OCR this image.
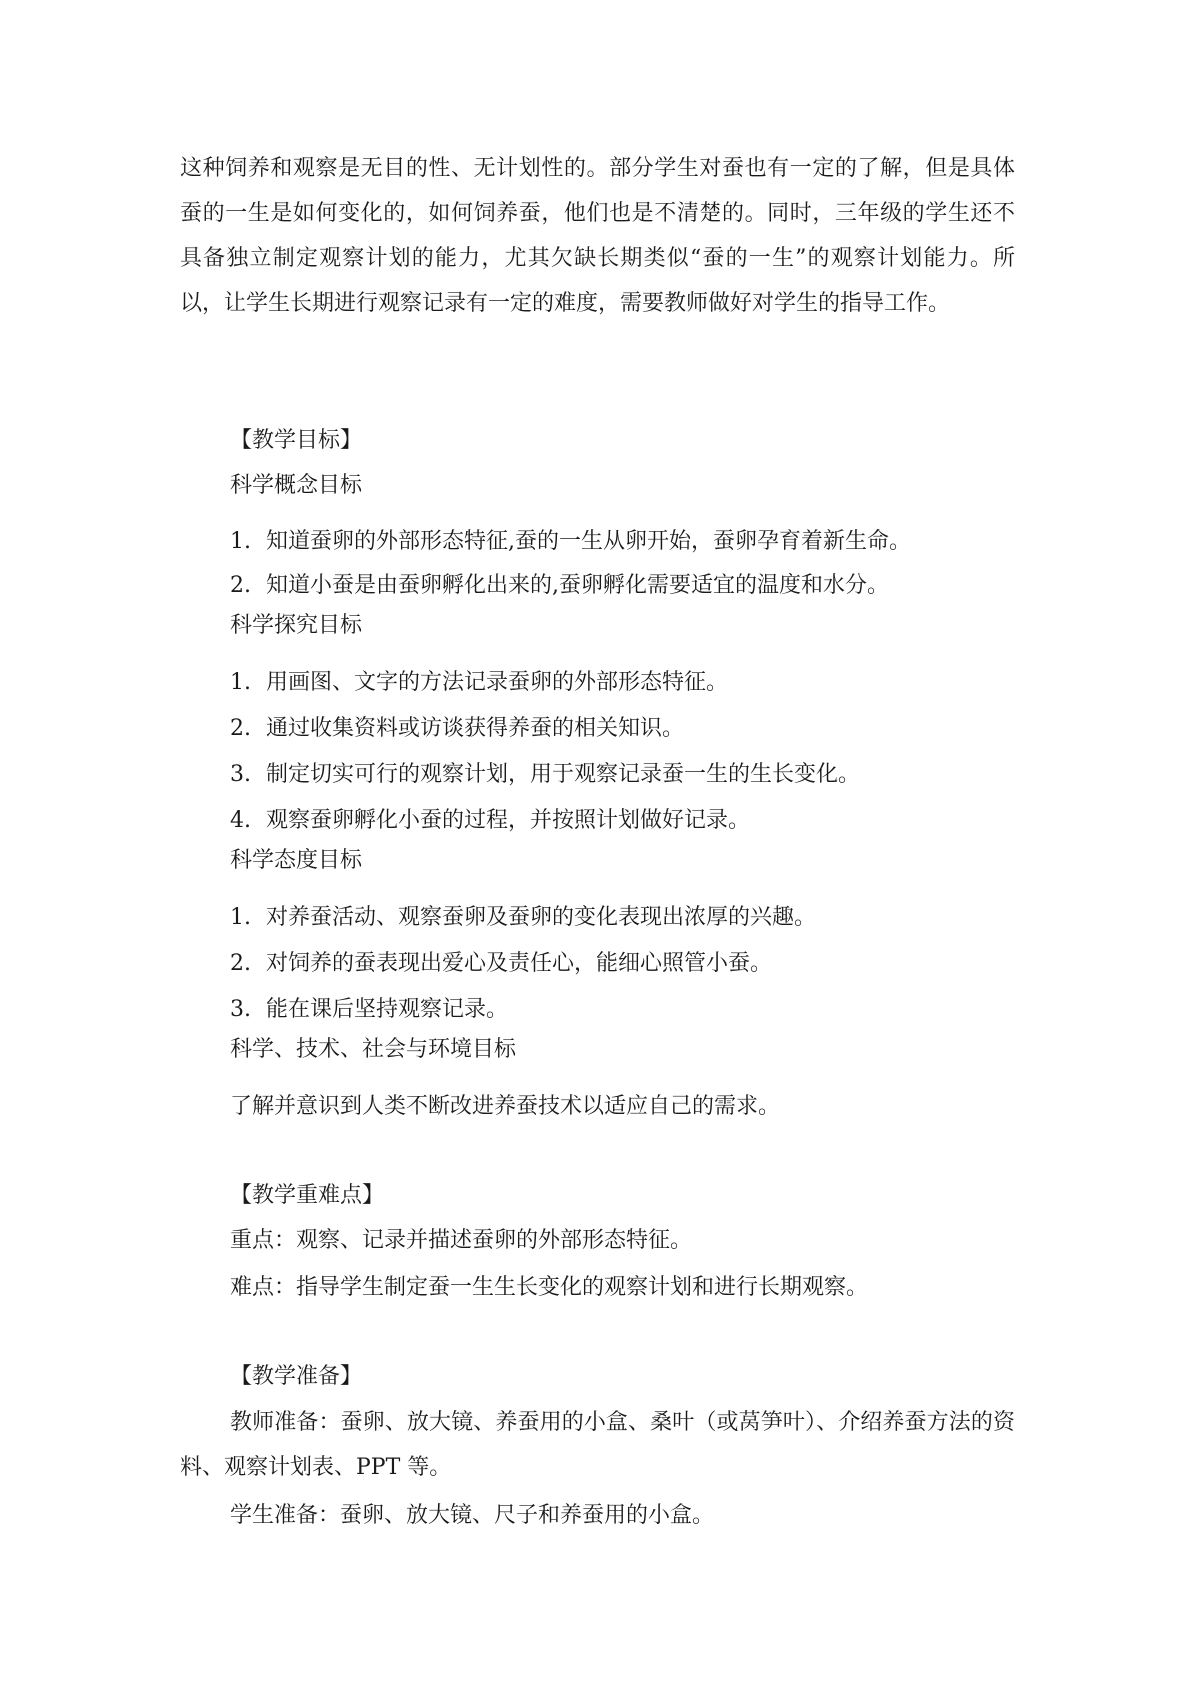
这种饲养和观察是无目的性、无计划性的。部分学生对蚕也有一定的了解，但是具体蚕的一生是如何变化的，如何饲养蚕，他们也是不清楚的。同时，三年级的学生还不具备独立制定观察计划的能力，尤其欠缺长期类似“蚕的一生”的观察计划能力。所以，让学生长期进行观察记录有一定的难度，需要教师做好对学生的指导工作。

【教学目标】

科学概念目标

1. 知道蚕卵的外部形态特征,蚕的一生从卵开始，蚕卵孕育着新生命。

2. 知道小蚕是由蚕卵孵化出来的,蚕卵孵化需要适宜的温度和水分。

科学探究目标

1. 用画图、文字的方法记录蚕卵的外部形态特征。

2. 通过收集资料或访谈获得养蚕的相关知识。

3. 制定切实可行的观察计划，用于观察记录蚕一生的生长变化。

4. 观察蚕卵孵化小蚕的过程，并按照计划做好记录。

科学态度目标

1. 对养蚕活动、观察蚕卵及蚕卵的变化表现出浓厚的兴趣。

2. 对饲养的蚕表现出爱心及责任心，能细心照管小蚕。

3. 能在课后坚持观察记录。

科学、技术、社会与环境目标

了解并意识到人类不断改进养蚕技术以适应自己的需求。

【教学重难点】

重点：观察、记录并描述蚕卵的外部形态特征。

难点：指导学生制定蚕一生生长变化的观察计划和进行长期观察。

【教学准备】

教师准备：蚕卵、放大镜、养蚕用的小盒、桑叶（或莴笋叶）、介绍养蚕方法的资料、观察计划表、PPT 等。

学生准备：蚕卵、放大镜、尺子和养蚕用的小盒。
